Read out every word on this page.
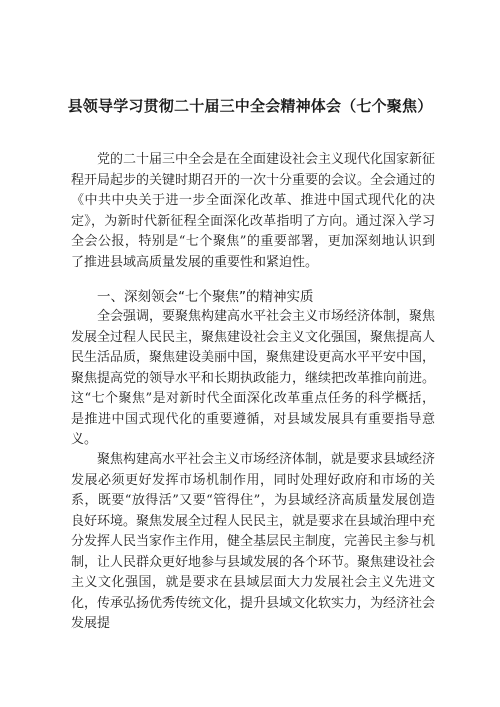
县领导学习贯彻二十届三中全会精神体会（七个聚焦）

党的二十届三中全会是在全面建设社会主义现代化国家新征程开局起步的关键时期召开的一次十分重要的会议。全会通过的《中共中央关于进一步全面深化改革、推进中国式现代化的决定》，为新时代新征程全面深化改革指明了方向。通过深入学习全会公报，特别是“七个聚焦”的重要部署，更加深刻地认识到了推进县域高质量发展的重要性和紧迫性。

一、深刻领会“七个聚焦”的精神实质

全会强调，要聚焦构建高水平社会主义市场经济体制，聚焦发展全过程人民民主，聚焦建设社会主义文化强国，聚焦提高人民生活品质，聚焦建设美丽中国，聚焦建设更高水平平安中国，聚焦提高党的领导水平和长期执政能力，继续把改革推向前进。这“七个聚焦”是对新时代全面深化改革重点任务的科学概括，是推进中国式现代化的重要遵循，对县域发展具有重要指导意义。

聚焦构建高水平社会主义市场经济体制，就是要求县域经济发展必须更好发挥市场机制作用，同时处理好政府和市场的关系，既要“放得活”又要“管得住”，为县域经济高质量发展创造良好环境。聚焦发展全过程人民民主，就是要求在县域治理中充分发挥人民当家作主作用，健全基层民主制度，完善民主参与机制，让人民群众更好地参与县域发展的各个环节。聚焦建设社会主义文化强国，就是要求在县域层面大力发展社会主义先进文化，传承弘扬优秀传统文化，提升县域文化软实力，为经济社会发展提
